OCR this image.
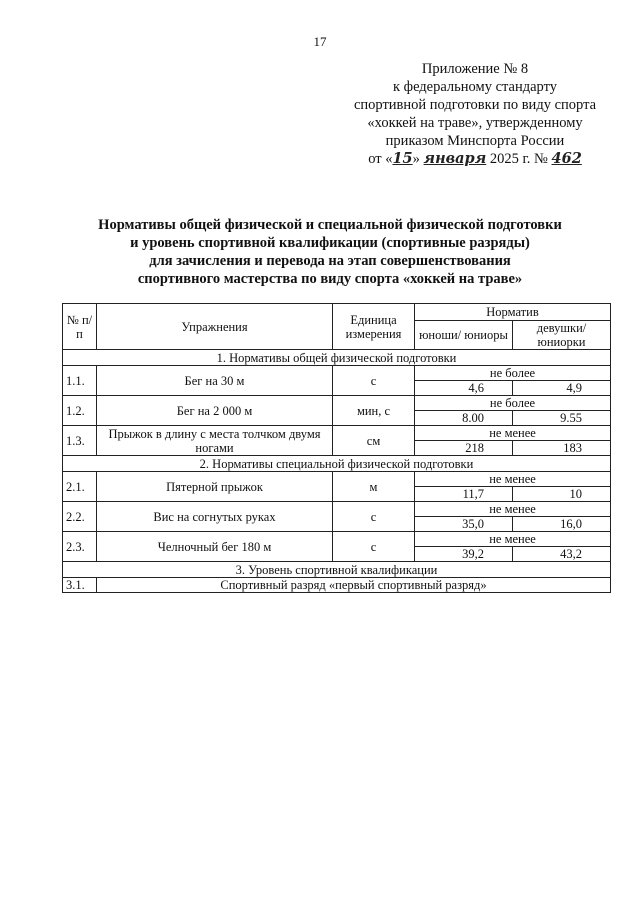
17
Приложение № 8
к федеральному стандарту
спортивной подготовки по виду спорта
«хоккей на траве», утвержденному
приказом Минспорта России
от «15» января 2025 г. № 462
Нормативы общей физической и специальной физической подготовки
и уровень спортивной квалификации (спортивные разряды)
для зачисления и перевода на этап совершенствования
спортивного мастерства по виду спорта «хоккей на траве»
№ п/п	Упражнения	Единица измерения	Норматив	
			юноши/ юниоры	девушки/ юниорки
1. Нормативы общей физической подготовки				
1.1.	Бег на 30 м	с	не более	
			4,6	4,9
1.2.	Бег на 2 000 м	мин, с	не более	
			8.00	9.55
1.3.	Прыжок в длину с места толчком двумя ногами	см	не менее	
			218	183
2. Нормативы специальной физической подготовки				
2.1.	Пятерной прыжок	м	не менее	
			11,7	10
2.2.	Вис на согнутых руках	с	не менее	
			35,0	16,0
2.3.	Челночный бег 180 м	с	не менее	
			39,2	43,2
3. Уровень спортивной квалификации				
3.1.	Спортивный разряд «первый спортивный разряд»			
